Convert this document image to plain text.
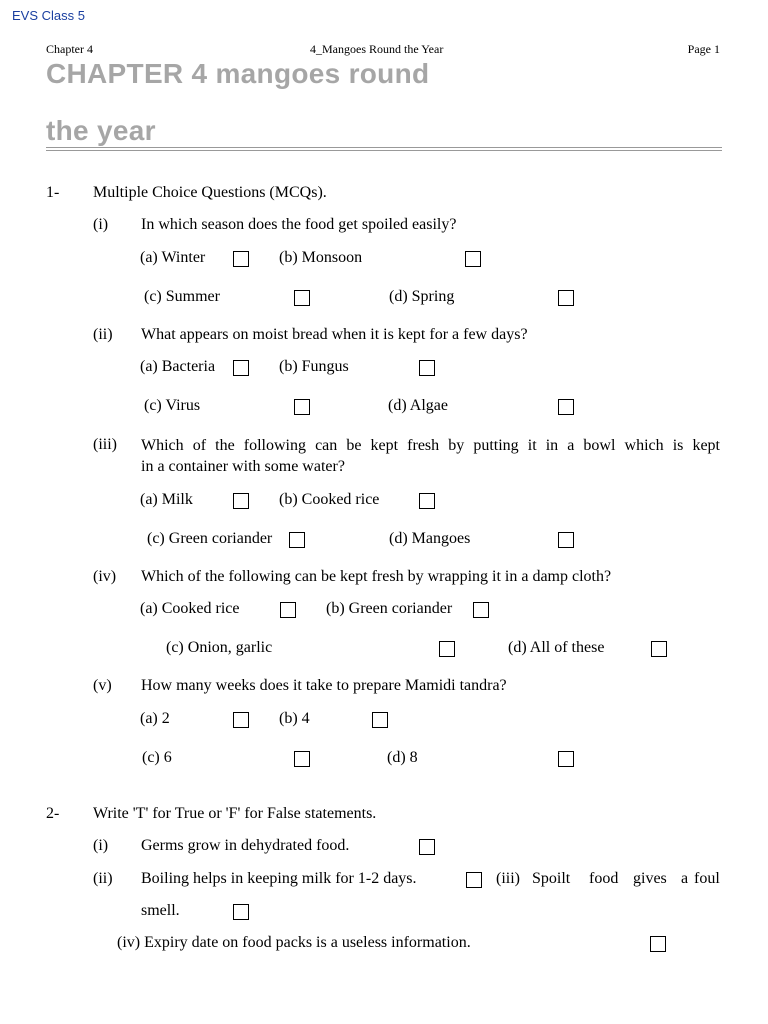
EVS Class 5
Chapter 4	4_Mangoes Round the Year	Page 1
CHAPTER 4 mangoes round
the year
1- Multiple Choice Questions (MCQs).
(i) In which season does the food get spoiled easily?
(a) Winter	(b) Monsoon
(c) Summer	(d) Spring
(ii) What appears on moist bread when it is kept for a few days?
(a) Bacteria	(b) Fungus
(c) Virus	(d) Algae
(iii) Which of the following can be kept fresh by putting it in a bowl which is kept
in a container with some water?
(a) Milk	(b) Cooked rice
(c) Green coriander	(d) Mangoes
(iv) Which of the following can be kept fresh by wrapping it in a damp cloth?
(a) Cooked rice	(b) Green coriander
(c) Onion, garlic	(d) All of these
(v) How many weeks does it take to prepare Mamidi tandra?
(a) 2	(b) 4
(c) 6	(d) 8
2- Write 'T' for True or 'F' for False statements.
(i) Germs grow in dehydrated food.
(ii) Boiling helps in keeping milk for 1-2 days.	(iii) Spoilt food gives a foul
smell.
(iv) Expiry date on food packs is a useless information.
